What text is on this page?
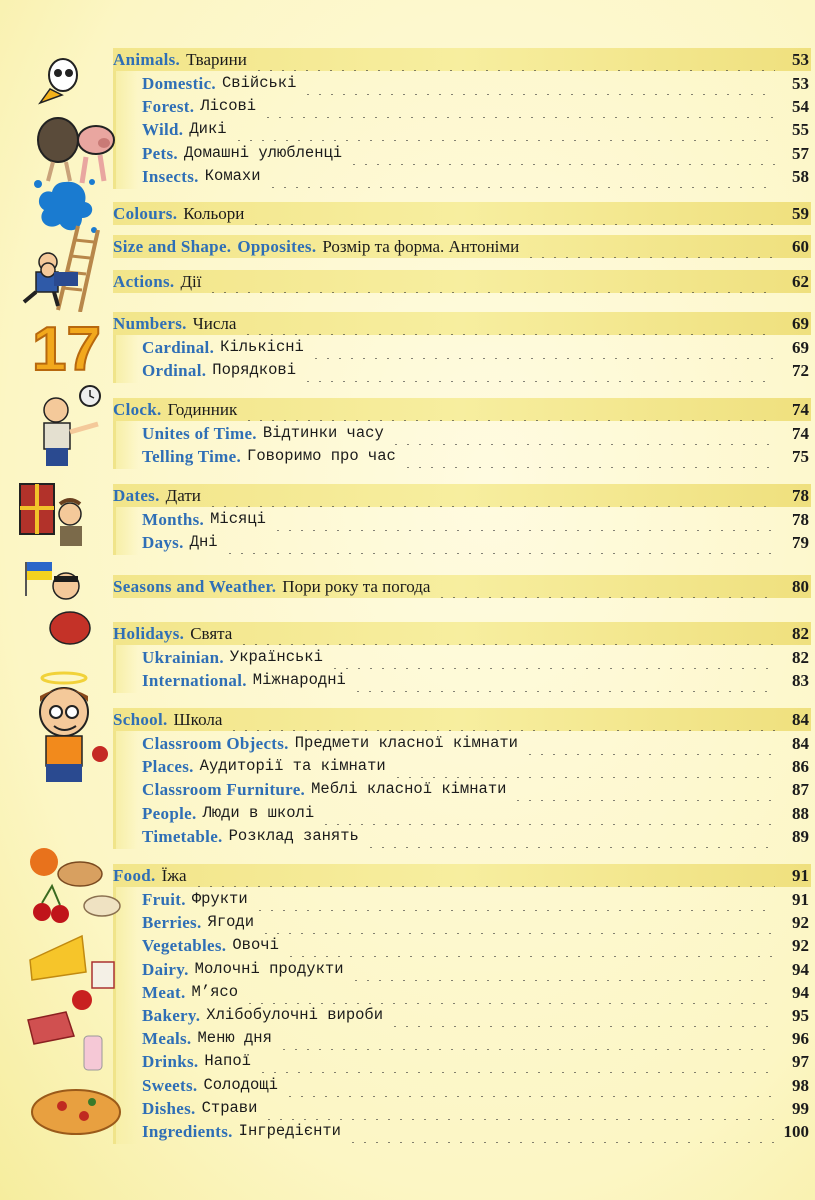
Animals. Тварини	53
Domestic. Свійські	53
Forest. Лісові	54
Wild. Дикі	55
Pets. Домашні улюбленці	57
Insects. Комахи	58
Colours. Кольори	59
Size and Shape. Opposites. Розмір та форма. Антоніми	60
Actions. Дії	62
Numbers. Числа	69
Cardinal. Кількісні	69
Ordinal. Порядкові	72
Clock. Годинник	74
Unites of Time. Відтинки часу	74
Telling Time. Говоримо про час	75
Dates. Дати	78
Months. Місяці	78
Days. Дні	79
Seasons and Weather. Пори року та погода	80
Holidays. Свята	82
Ukrainian. Українські	82
International. Міжнародні	83
School. Школа	84
Classroom Objects. Предмети класної кімнати	84
Places. Аудиторії та кімнати	86
Classroom Furniture. Меблі класної кімнати	87
People. Люди в школі	88
Timetable. Розклад занять	89
Food. Їжа	91
Fruit. Фрукти	91
Berries. Ягоди	92
Vegetables. Овочі	92
Dairy. Молочні продукти	94
Meat. М’ясо	94
Bakery. Хлібобулочні вироби	95
Meals. Меню дня	96
Drinks. Напої	97
Sweets. Солодощі	98
Dishes. Страви	99
Ingredients. Інгредієнти	100
17
